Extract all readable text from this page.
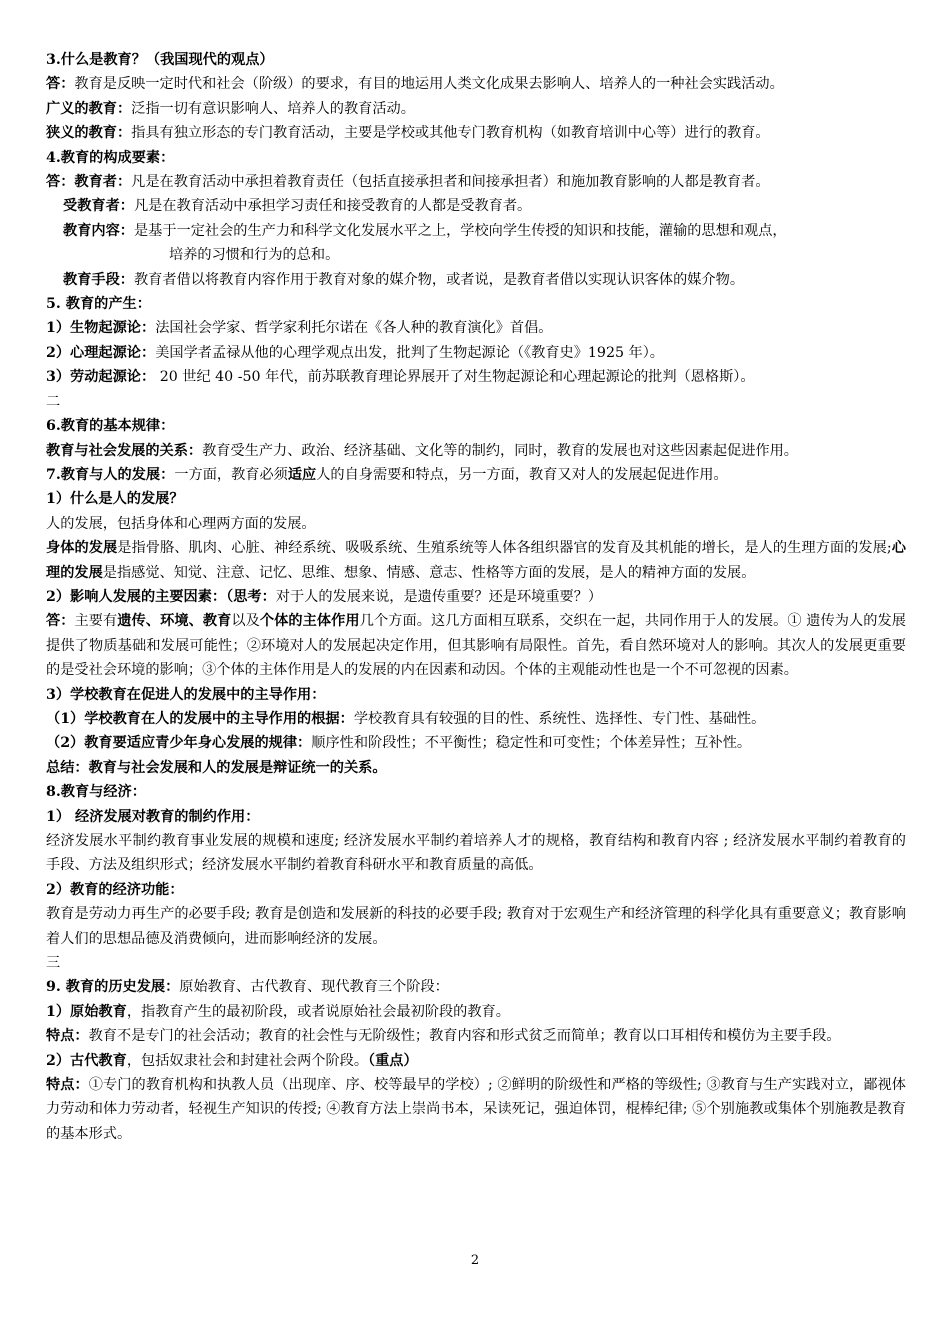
3.什么是教育？（我国现代的观点）
答：教育是反映一定时代和社会（阶级）的要求，有目的地运用人类文化成果去影响人、培养人的一种社会实践活动。
广义的教育：泛指一切有意识影响人、培养人的教育活动。
狭义的教育：指具有独立形态的专门教育活动，主要是学校或其他专门教育机构（如教育培训中心等）进行的教育。
4.教育的构成要素：
答：教育者：凡是在教育活动中承担着教育责任（包括直接承担者和间接承担者）和施加教育影响的人都是教育者。
受教育者：凡是在教育活动中承担学习责任和接受教育的人都是受教育者。
教育内容：是基于一定社会的生产力和科学文化发展水平之上，学校向学生传授的知识和技能，灌输的思想和观点，
培养的习惯和行为的总和。
教育手段：教育者借以将教育内容作用于教育对象的媒介物，或者说，是教育者借以实现认识客体的媒介物。
5. 教育的产生：
1）生物起源论：法国社会学家、哲学家利托尔诺在《各人种的教育演化》首倡。
2）心理起源论：美国学者孟禄从他的心理学观点出发，批判了生物起源论（《教育史》1925 年）。
3）劳动起源论： 20 世纪 40 -50 年代，前苏联教育理论界展开了对生物起源论和心理起源论的批判（恩格斯）。
二
6.教育的基本规律：
教育与社会发展的关系：教育受生产力、政治、经济基础、文化等的制约，同时，教育的发展也对这些因素起促进作用。
7.教育与人的发展：一方面，教育必须适应人的自身需要和特点，另一方面，教育又对人的发展起促进作用。
1）什么是人的发展？
人的发展，包括身体和心理两方面的发展。
身体的发展是指骨胳、肌肉、心脏、神经系统、吸吸系统、生殖系统等人体各组织器官的发育及其机能的增长，是人的生理方面的发展;心理的发展是指感觉、知觉、注意、记忆、思维、想象、情感、意志、性格等方面的发展，是人的精神方面的发展。
2）影响人发展的主要因素：（思考：对于人的发展来说，是遗传重要？还是环境重要？）
答：主要有遗传、环境、教育以及个体的主体作用几个方面。这几方面相互联系，交织在一起，共同作用于人的发展。① 遗传为人的发展提供了物质基础和发展可能性；②环境对人的发展起决定作用，但其影响有局限性。首先，看自然环境对人的影响。其次人的发展更重要的是受社会环境的影响；③个体的主体作用是人的发展的内在因素和动因。个体的主观能动性也是一个不可忽视的因素。
3）学校教育在促进人的发展中的主导作用：
（1）学校教育在人的发展中的主导作用的根据：学校教育具有较强的目的性、系统性、选择性、专门性、基础性。
（2）教育要适应青少年身心发展的规律：顺序性和阶段性；不平衡性；稳定性和可变性；个体差异性；互补性。
总结：教育与社会发展和人的发展是辩证统一的关系。
8.教育与经济：
1） 经济发展对教育的制约作用：
经济发展水平制约教育事业发展的规模和速度; 经济发展水平制约着培养人才的规格，教育结构和教育内容 ; 经济发展水平制约着教育的手段、方法及组织形式；经济发展水平制约着教育科研水平和教育质量的高低。
2）教育的经济功能：
教育是劳动力再生产的必要手段; 教育是创造和发展新的科技的必要手段; 教育对于宏观生产和经济管理的科学化具有重要意义；教育影响着人们的思想品德及消费倾向，进而影响经济的发展。
三
9. 教育的历史发展：原始教育、古代教育、现代教育三个阶段：
1）原始教育，指教育产生的最初阶段，或者说原始社会最初阶段的教育。
特点：教育不是专门的社会活动；教育的社会性与无阶级性；教育内容和形式贫乏而简单；教育以口耳相传和模仿为主要手段。
2）古代教育，包括奴隶社会和封建社会两个阶段。（重点）
特点：①专门的教育机构和执教人员（出现庠、序、校等最早的学校）; ②鲜明的阶级性和严格的等级性; ③教育与生产实践对立，鄙视体力劳动和体力劳动者，轻视生产知识的传授; ④教育方法上崇尚书本，呆读死记，强迫体罚，棍棒纪律; ⑤个别施教或集体个别施教是教育的基本形式。
2
